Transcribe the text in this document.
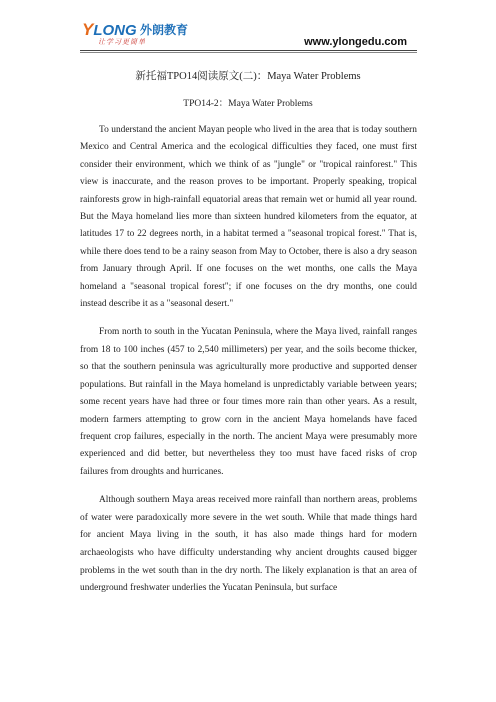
YLONG 外朗教育
让学习更简单	www.ylongedu.com
新托福TPO14阅读原文(二)：Maya Water Problems
TPO14-2：Maya Water Problems

To understand the ancient Mayan people who lived in the area that is today southern Mexico and Central America and the ecological difficulties they faced, one must first consider their environment, which we think of as "jungle" or "tropical rainforest." This view is inaccurate, and the reason proves to be important. Properly speaking, tropical rainforests grow in high-rainfall equatorial areas that remain wet or humid all year round. But the Maya homeland lies more than sixteen hundred kilometers from the equator, at latitudes 17 to 22 degrees north, in a habitat termed a "seasonal tropical forest." That is, while there does tend to be a rainy season from May to October, there is also a dry season from January through April. If one focuses on the wet months, one calls the Maya homeland a "seasonal tropical forest"; if one focuses on the dry months, one could instead describe it as a "seasonal desert."

From north to south in the Yucatan Peninsula, where the Maya lived, rainfall ranges from 18 to 100 inches (457 to 2,540 millimeters) per year, and the soils become thicker, so that the southern peninsula was agriculturally more productive and supported denser populations. But rainfall in the Maya homeland is unpredictably variable between years; some recent years have had three or four times more rain than other years. As a result, modern farmers attempting to grow corn in the ancient Maya homelands have faced frequent crop failures, especially in the north. The ancient Maya were presumably more experienced and did better, but nevertheless they too must have faced risks of crop failures from droughts and hurricanes.

Although southern Maya areas received more rainfall than northern areas, problems of water were paradoxically more severe in the wet south. While that made things hard for ancient Maya living in the south, it has also made things hard for modern archaeologists who have difficulty understanding why ancient droughts caused bigger problems in the wet south than in the dry north. The likely explanation is that an area of underground freshwater underlies the Yucatan Peninsula, but surface
